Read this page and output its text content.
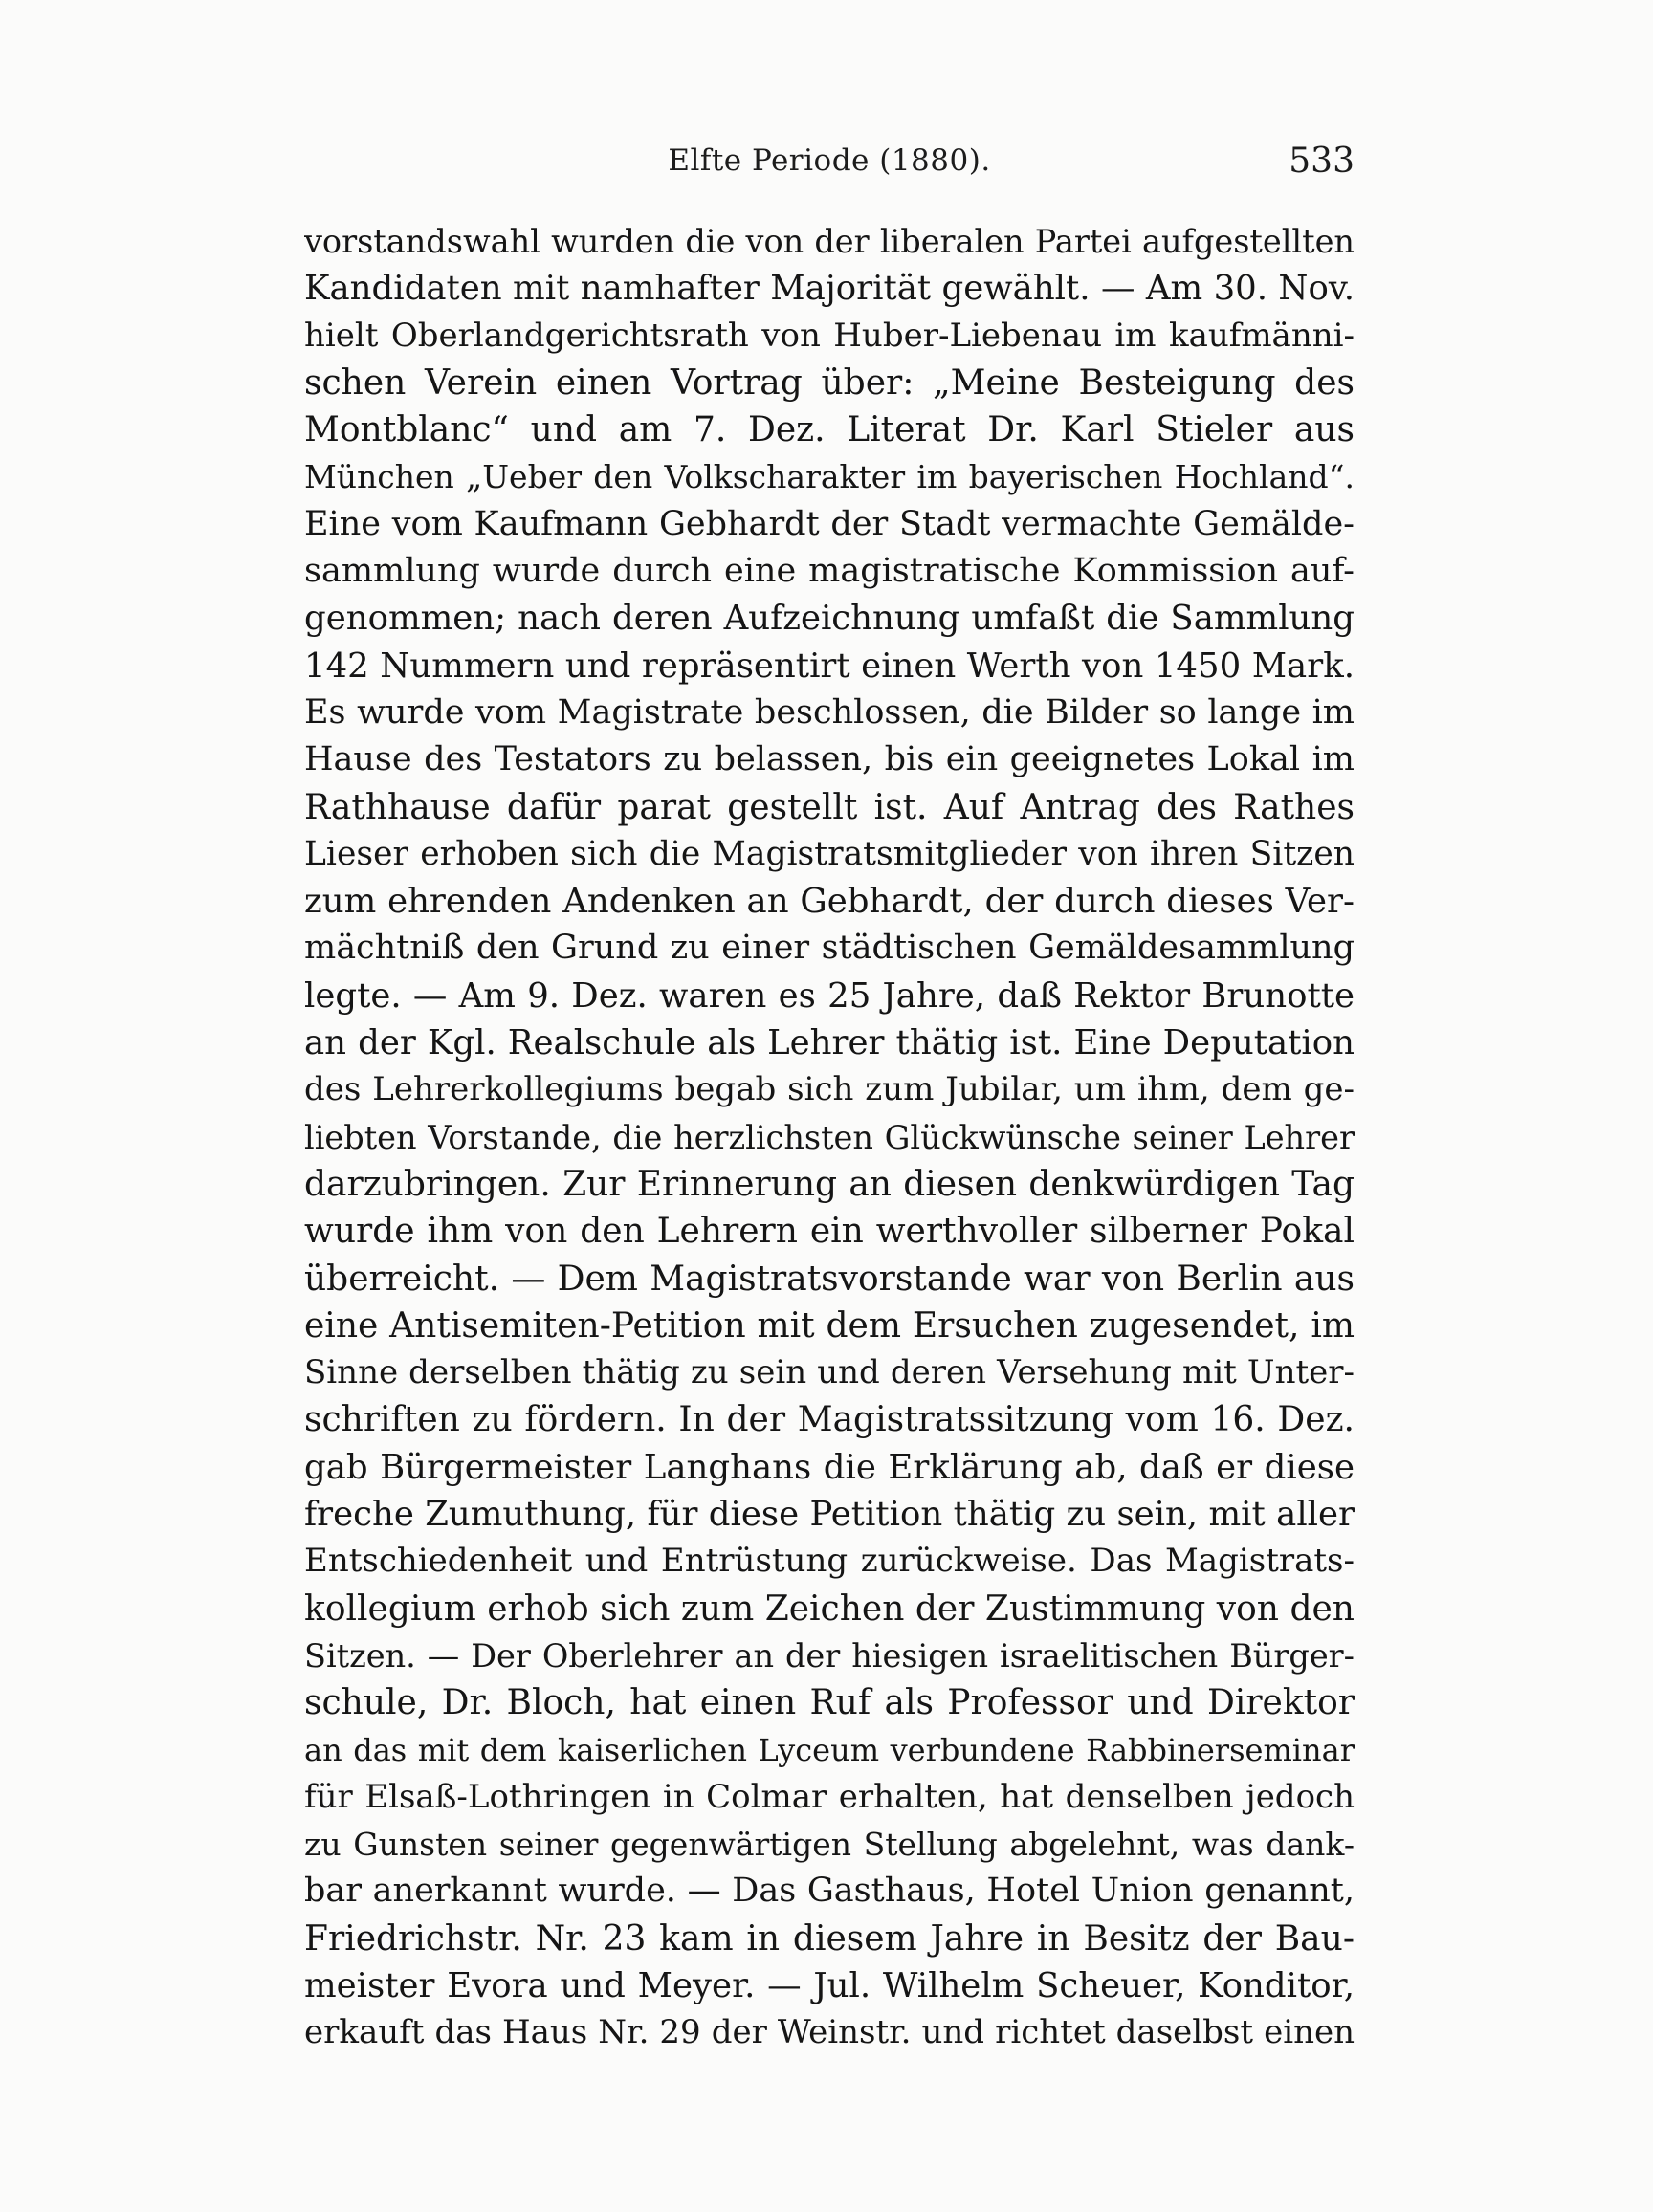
Elfte Periode (1880).	533
vorstandswahl wurden die von der liberalen Partei aufgestellten
Kandidaten mit namhafter Majorität gewählt. — Am 30. Nov.
hielt Oberlandgerichtsrath von Huber-Liebenau im kaufmänni-
schen Verein einen Vortrag über: „Meine Besteigung des
Montblanc“ und am 7. Dez. Literat Dr. Karl Stieler aus
München „Ueber den Volkscharakter im bayerischen Hochland“.
Eine vom Kaufmann Gebhardt der Stadt vermachte Gemälde-
sammlung wurde durch eine magistratische Kommission auf-
genommen; nach deren Aufzeichnung umfaßt die Sammlung
142 Nummern und repräsentirt einen Werth von 1450 Mark.
Es wurde vom Magistrate beschlossen, die Bilder so lange im
Hause des Testators zu belassen, bis ein geeignetes Lokal im
Rathhause dafür parat gestellt ist. Auf Antrag des Rathes
Lieser erhoben sich die Magistratsmitglieder von ihren Sitzen
zum ehrenden Andenken an Gebhardt, der durch dieses Ver-
mächtniß den Grund zu einer städtischen Gemäldesammlung
legte. — Am 9. Dez. waren es 25 Jahre, daß Rektor Brunotte
an der Kgl. Realschule als Lehrer thätig ist. Eine Deputation
des Lehrerkollegiums begab sich zum Jubilar, um ihm, dem ge-
liebten Vorstande, die herzlichsten Glückwünsche seiner Lehrer
darzubringen. Zur Erinnerung an diesen denkwürdigen Tag
wurde ihm von den Lehrern ein werthvoller silberner Pokal
überreicht. — Dem Magistratsvorstande war von Berlin aus
eine Antisemiten-Petition mit dem Ersuchen zugesendet, im
Sinne derselben thätig zu sein und deren Versehung mit Unter-
schriften zu fördern. In der Magistratssitzung vom 16. Dez.
gab Bürgermeister Langhans die Erklärung ab, daß er diese
freche Zumuthung, für diese Petition thätig zu sein, mit aller
Entschiedenheit und Entrüstung zurückweise. Das Magistrats-
kollegium erhob sich zum Zeichen der Zustimmung von den
Sitzen. — Der Oberlehrer an der hiesigen israelitischen Bürger-
schule, Dr. Bloch, hat einen Ruf als Professor und Direktor
an das mit dem kaiserlichen Lyceum verbundene Rabbinerseminar
für Elsaß-Lothringen in Colmar erhalten, hat denselben jedoch
zu Gunsten seiner gegenwärtigen Stellung abgelehnt, was dank-
bar anerkannt wurde. — Das Gasthaus, Hotel Union genannt,
Friedrichstr. Nr. 23 kam in diesem Jahre in Besitz der Bau-
meister Evora und Meyer. — Jul. Wilhelm Scheuer, Konditor,
erkauft das Haus Nr. 29 der Weinstr. und richtet daselbst einen
